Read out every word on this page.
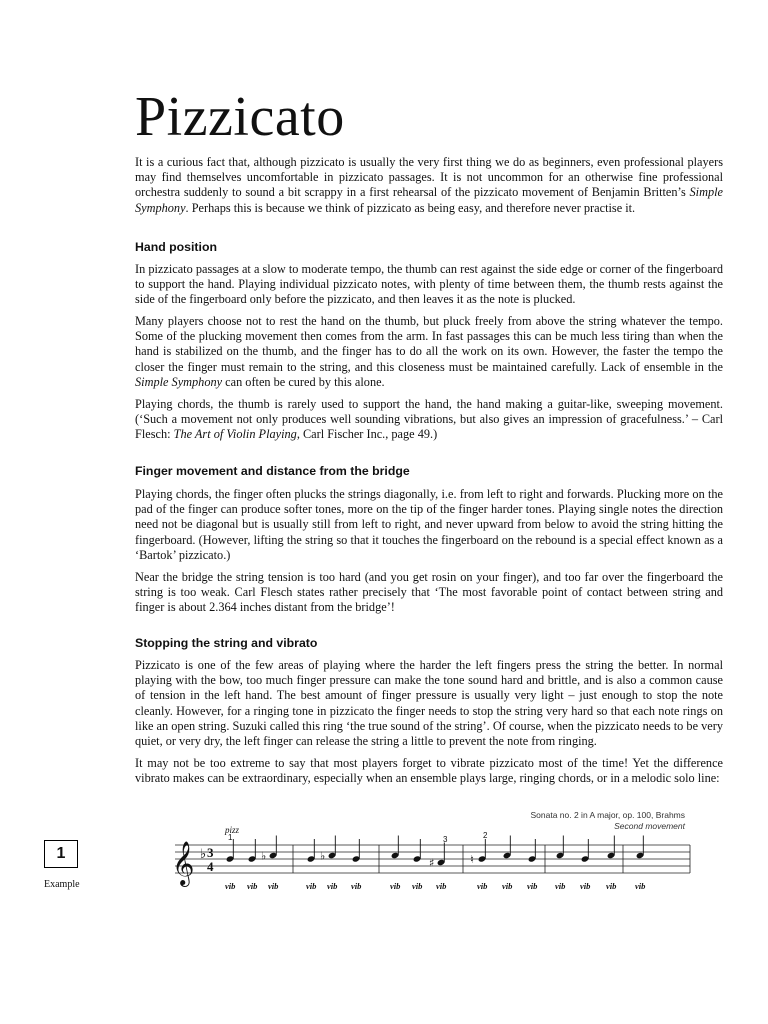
Pizzicato

It is a curious fact that, although pizzicato is usually the very first thing we do as beginners, even professional players may find themselves uncomfortable in pizzicato passages. It is not uncommon for an otherwise fine professional orchestra suddenly to sound a bit scrappy in a first rehearsal of the pizzicato movement of Benjamin Britten’s Simple Symphony. Perhaps this is because we think of pizzicato as being easy, and therefore never practise it.

Hand position

In pizzicato passages at a slow to moderate tempo, the thumb can rest against the side edge or corner of the fingerboard to support the hand. Playing individual pizzicato notes, with plenty of time between them, the thumb rests against the side of the fingerboard only before the pizzicato, and then leaves it as the note is plucked.

Many players choose not to rest the hand on the thumb, but pluck freely from above the string whatever the tempo. Some of the plucking movement then comes from the arm. In fast passages this can be much less tiring than when the hand is stabilized on the thumb, and the finger has to do all the work on its own. However, the faster the tempo the closer the finger must remain to the string, and this closeness must be maintained carefully. Lack of ensemble in the Simple Symphony can often be cured by this alone.

Playing chords, the thumb is rarely used to support the hand, the hand making a guitar-like, sweeping movement. (‘Such a movement not only produces well sounding vibrations, but also gives an impression of gracefulness.’ – Carl Flesch: The Art of Violin Playing, Carl Fischer Inc., page 49.)

Finger movement and distance from the bridge

Playing chords, the finger often plucks the strings diagonally, i.e. from left to right and forwards. Plucking more on the pad of the finger can produce softer tones, more on the tip of the finger harder tones. Playing single notes the direction need not be diagonal but is usually still from left to right, and never upward from below to avoid the string hitting the fingerboard. (However, lifting the string so that it touches the fingerboard on the rebound is a special effect known as a ‘Bartok’ pizzicato.)

Near the bridge the string tension is too hard (and you get rosin on your finger), and too far over the fingerboard the string is too weak. Carl Flesch states rather precisely that ‘The most favorable point of contact between string and finger is about 2.364 inches distant from the bridge’!

Stopping the string and vibrato

Pizzicato is one of the few areas of playing where the harder the left fingers press the string the better. In normal playing with the bow, too much finger pressure can make the tone sound hard and brittle, and is also a common cause of tension in the left hand. The best amount of finger pressure is usually very light – just enough to stop the note cleanly. However, for a ringing tone in pizzicato the finger needs to stop the string very hard so that each note rings on like an open string. Suzuki called this ring ‘the true sound of the string’. Of course, when the pizzicato needs to be very quiet, or very dry, the left finger can release the string a little to prevent the note from ringing.

It may not be too extreme to say that most players forget to vibrate pizzicato most of the time! Yet the difference vibrato makes can be extraordinary, especially when an ensemble plays large, ringing chords, or in a melodic solo line:

1
Example
Sonata no. 2 in A major, op. 100, Brahms
Second movement
𝄞 ♭ 3
4
pizz
♭	♭
♯	♮
vib vib vib	vib vib vib	vib vib vib	vib vib vib vib vib vib vib
1	3	2
